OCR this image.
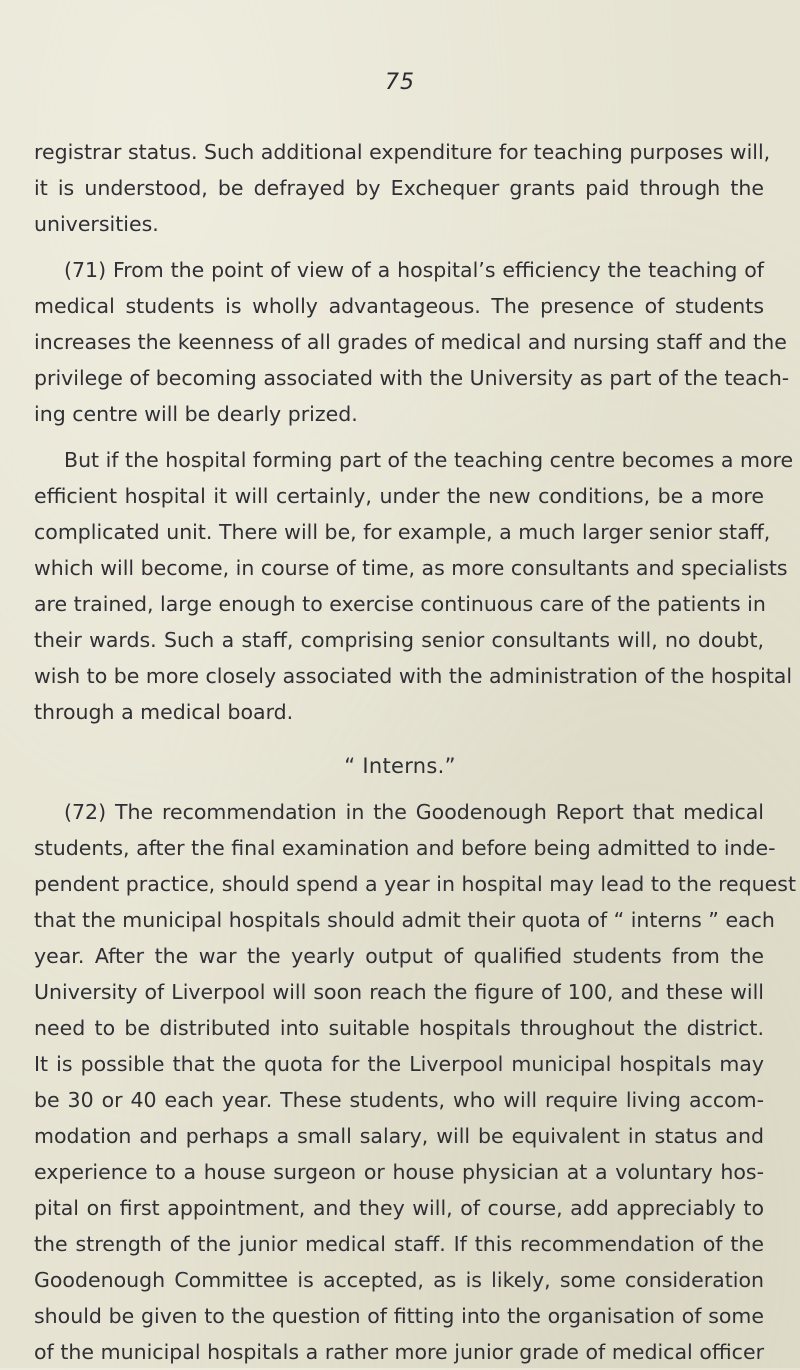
75
registrar status. Such additional expenditure for teaching purposes will,
it is understood, be defrayed by Exchequer grants paid through the
universities.
(71) From the point of view of a hospital’s efficiency the teaching of
medical students is wholly advantageous. The presence of students
increases the keenness of all grades of medical and nursing staff and the
privilege of becoming associated with the University as part of the teach-
ing centre will be dearly prized.
But if the hospital forming part of the teaching centre becomes a more
efficient hospital it will certainly, under the new conditions, be a more
complicated unit. There will be, for example, a much larger senior staff,
which will become, in course of time, as more consultants and specialists
are trained, large enough to exercise continuous care of the patients in
their wards. Such a staff, comprising senior consultants will, no doubt,
wish to be more closely associated with the administration of the hospital
through a medical board.
“ Interns.”
(72) The recommendation in the Goodenough Report that medical
students, after the final examination and before being admitted to inde-
pendent practice, should spend a year in hospital may lead to the request
that the municipal hospitals should admit their quota of “ interns ” each
year. After the war the yearly output of qualified students from the
University of Liverpool will soon reach the figure of 100, and these will
need to be distributed into suitable hospitals throughout the district.
It is possible that the quota for the Liverpool municipal hospitals may
be 30 or 40 each year. These students, who will require living accom-
modation and perhaps a small salary, will be equivalent in status and
experience to a house surgeon or house physician at a voluntary hos-
pital on first appointment, and they will, of course, add appreciably to
the strength of the junior medical staff. If this recommendation of the
Goodenough Committee is accepted, as is likely, some consideration
should be given to the question of fitting into the organisation of some
of the municipal hospitals a rather more junior grade of medical officer
